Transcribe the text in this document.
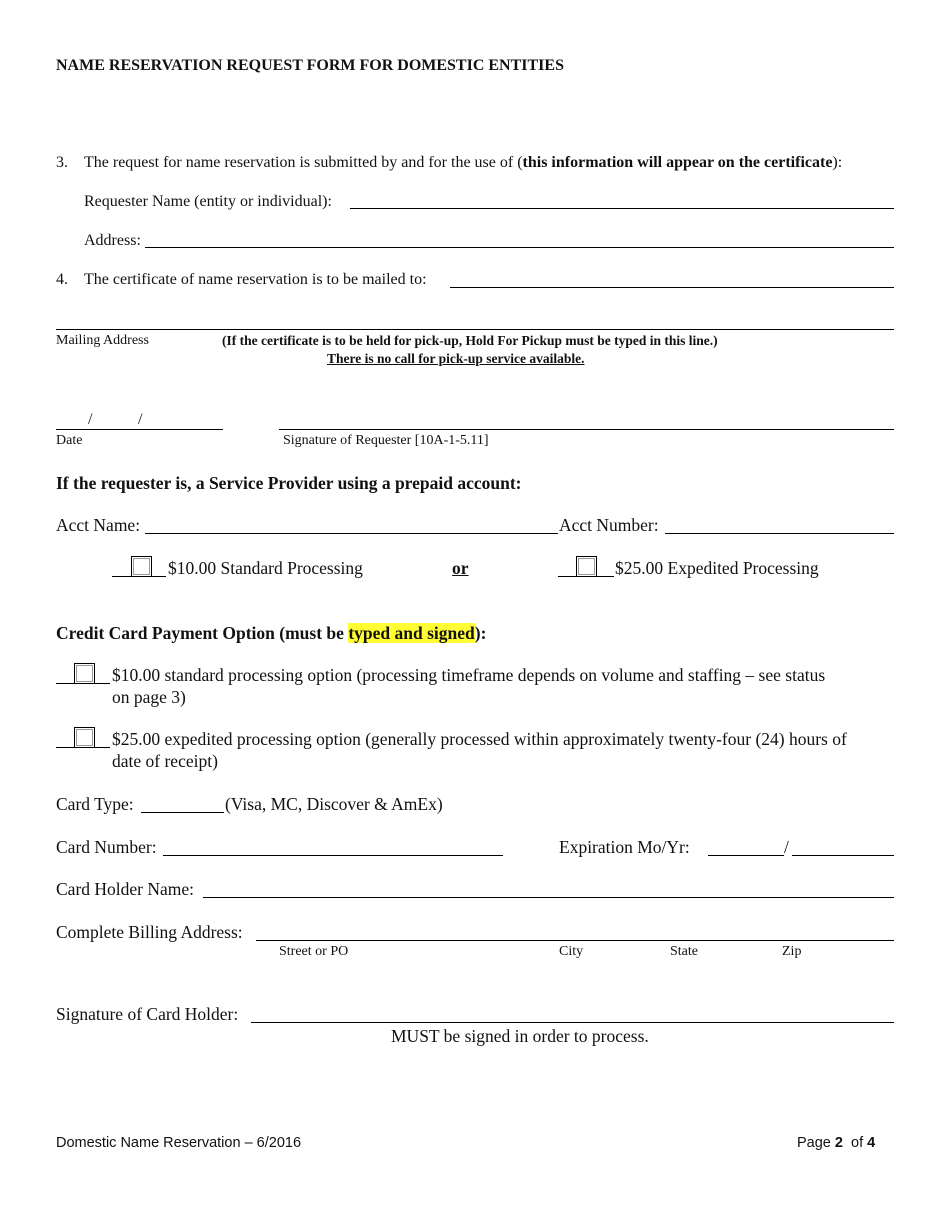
NAME RESERVATION REQUEST FORM FOR DOMESTIC ENTITIES
3. The request for name reservation is submitted by and for the use of (this information will appear on the certificate):
Requester Name (entity or individual):
Address:
4. The certificate of name reservation is to be mailed to:
Mailing Address	(If the certificate is to be held for pick-up, Hold For Pickup must be typed in this line.)
There is no call for pick-up service available.
/	/
Date	Signature of Requester [10A-1-5.11]
If the requester is, a Service Provider using a prepaid account:
Acct Name:	Acct Number:
$10.00 Standard Processing	or	$25.00 Expedited Processing
Credit Card Payment Option (must be typed and signed):
$10.00 standard processing option (processing timeframe depends on volume and staffing – see status
on page 3)
$25.00 expedited processing option (generally processed within approximately twenty-four (24) hours of
date of receipt)
Card Type:	(Visa, MC, Discover & AmEx)
Card Number:	Expiration Mo/Yr:	/
Card Holder Name:
Complete Billing Address:
Street or PO	City	State	Zip
Signature of Card Holder:
MUST be signed in order to process.
Domestic Name Reservation – 6/2016	Page 2  of 4
